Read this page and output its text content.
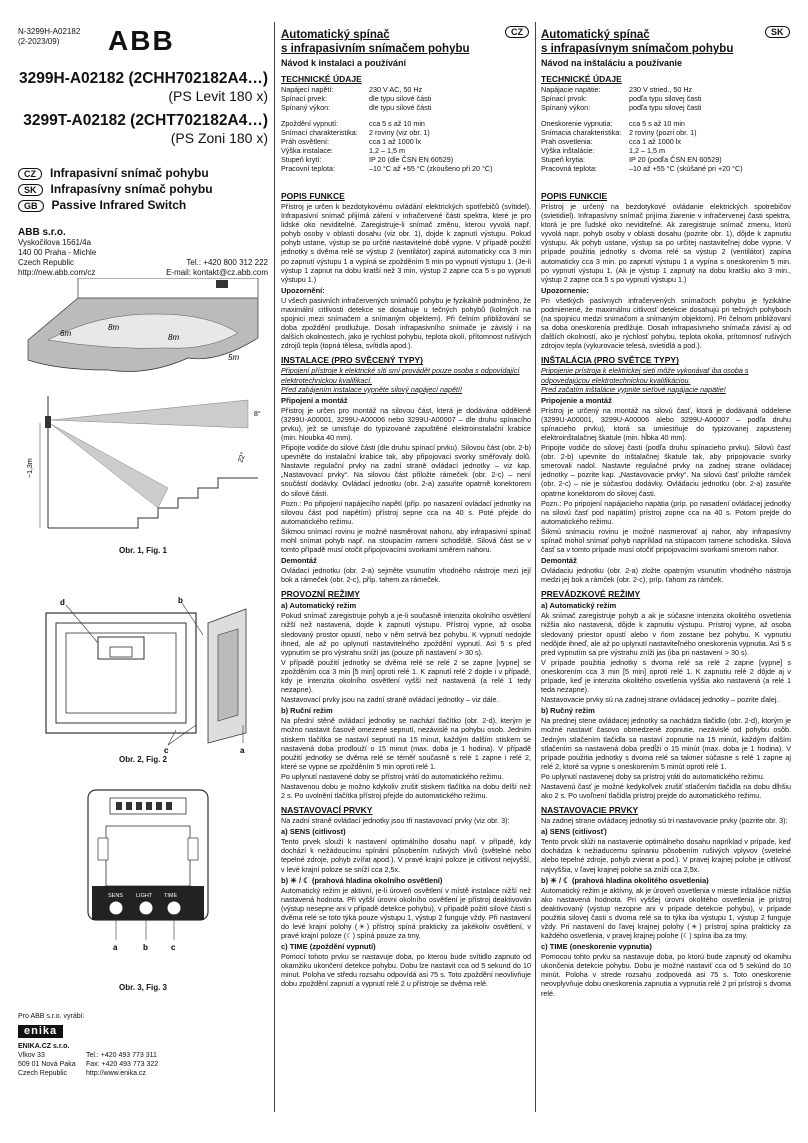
N-3299H-A02182
(2-2023/09)	ABB
3299H-A02182 (2CHH702182A4…)
(PS Levit 180 x)
3299T-A02182 (2CHT702182A4…)
(PS Zoni 180 x)
CZ Infrapasivní snímač pohybu
SK Infrapasívny snímač pohybu
GB Passive Infrared Switch
ABB s.r.o.
Vyskočilova 1561/4a
140 00 Praha - Michle
Czech Republic	Tel.: +420 800 312 222
http://new.abb.com/cz	E-mail: kontakt@cz.abb.com
6m
8m
8m
5m
~1,3m
8°
22°
Obr. 1, Fig. 1
d	b
a
c
Obr. 2, Fig. 2
SENS LIGHT TIME
a	b	c
Obr. 3, Fig. 3
Pro ABB s.r.o. vyrábí:
enika
ENIKA.CZ s.r.o.
Vlkov 33	Tel.: +420 493 773 311
509 01 Nová Paka	Fax: +420 493 773 322
Czech Republic	http://www.enika.cz
Automatický spínač
s infrapasivním snímačem pohybu
Návod k instalaci a používání
TECHNICKÉ ÚDAJE
Napájecí napětí:	230 V AC, 50 Hz
Spínací prvek:	dle typu silové části
Spínaný výkon:	dle typu silové části

Zpoždění vypnutí:	cca 5 s až 10 min
Snímací charakteristika:	2 roviny (viz obr. 1)
Práh osvětlení:	cca 1 až 1000 lx
Výška instalace:	1,2 – 1,5 m
Stupeň krytí:	IP 20 (dle ČSN EN 60529)
Pracovní teplota:	–10 °C až +55 °C (zkoušeno při 20 °C)
POPIS FUNKCE
Přístroj je určen k bezdotykovému ovládání elektrických spotřebičů (svítidel). Infrapasivní snímač přijímá záření v infračervené části spektra, které je pro lidské oko neviditelné. Zaregistruje-li snímač změnu, kterou vyvolá např. pohyb osoby v oblasti dosahu (viz obr. 1), dojde k zapnutí výstupu. Pokud pohyb ustane, výstup se po určité nastavitelné době vypne. V případě použití jednotky s dvěma relé se výstup 2 (ventilátor) zapíná automaticky cca 3 min po zapnutí výstupu 1 a vypíná se zpožděním 5 min po vypnutí výstupu 1. (Je-li výstup 1 zapnut na dobu kratší než 3 min, výstup 2 zapne cca 5 s po vypnutí výstupu 1.)
Upozornění:
U všech pasivních infračervených snímačů pohybu je fyzikálně podmíněno, že maximální citlivosti detekce se dosahuje u tečných pohybů (kolmých na spojnici mezi snímačem a snímaným objektem). Při čelním přibližování se doba zpoždění prodlužuje. Dosah infrapasivního snímače je závislý i na dalších okolnostech, jako je rychlost pohybu, teplota okolí, přítomnost rušivých zdrojů tepla (topná tělesa, svítidla apod.).
INSTALACE (PRO SVĚCENÝ TYPY)
Připojení přístroje k elektrické síti smí provádět pouze osoba s odpovídající elektrotechnickou kvalifikací.
Před zahájením instalace vypněte silový napájecí napětí!
Připojení a montáž
Přístroj je určen pro montáž na silovou část, která je dodávána odděleně (3299U-A00001, 3299U-A00006 nebo 3299U-A00007 – dle druhu spínacího prvku), jež se umisťuje do typizované zapuštěné elektroinstalační krabice (min. hloubka 40 mm).
Připojte vodiče do silové části (dle druhu spínací prvku). Silovou část (obr. 2-b) upevněte do instalační krabice tak, aby připojovací svorky směřovaly dolů. Nastavte regulační prvky na zadní straně ovládací jednotky – viz kap. „Nastavovací prvky“. Na silovou část přiložte rámeček (obr. 2-c) – není součástí dodávky. Ovládací jednotku (obr. 2-a) zasuňte opatrně konektorem do silové části.
Pozn.: Po připojení napájecího napětí (příp. po nasazení ovládací jednotky na silovou část pod napětím) přístroj sepne cca na 40 s. Poté přejde do automatického režimu.
Šikmou snímací rovinu je možné nasměrovat nahoru, aby infrapasivní spínač mohl snímat pohyb např. na stoupacím rameni schodiště. Silová část se v tomto případě musí otočit připojovacími svorkami směrem nahoru.
Demontáž
Ovládací jednotku (obr. 2-a) sejměte vsunutím vhodného nástroje mezi její bok a rámeček (obr. 2-c), příp. tahem za rámeček.
PROVOZNÍ REŽIMY
a) Automatický režim
Pokud snímač zaregistruje pohyb a je-li současně intenzita okolního osvětlení nižší než nastavená, dojde k zapnutí výstupu. Přístroj vypne, až osoba sledovaný prostor opustí, nebo v něm setrvá bez pohybu. K vypnutí nedojde ihned, ale až po uplynutí nastavitelného zpoždění vypnutí. Asi 5 s před vypnutím se pro výstrahu sníží jas (pouze při nastavení > 30 s).
V případě použití jednotky se dvěma relé se relé 2 se zapne [vypne] se zpožděním cca 3 min [5 min] oproti relé 1. K zapnutí relé 2 dojde i v případě, kdy je intenzita okolního osvětlení vyšší než nastavená (a relé 1 tedy nezapne).
Nastavovací prvky jsou na zadní straně ovládací jednotky – viz dále.
b) Ruční režim
Na přední stěně ovládací jednotky se nachází tlačítko (obr. 2-d), kterým je možno nastavit časově omezené sepnutí, nezávislé na pohybu osob. Jedním stiskem tlačítka se nastaví sepnutí na 15 minut, každým dalším stiskem se nastavená doba prodlouží o 15 minut (max. doba je 1 hodina). V případě použití jednotky se dvěma relé se téměř současně s relé 1 zapne i relé 2, které se vypne se zpožděním 5 min oproti relé 1.
Po uplynutí nastavené doby se přístroj vrátí do automatického režimu.
Nastavenou dobu je možno kdykoliv zrušit stiskem tlačítka na dobu delší než 2 s. Po uvolnění tlačítka přístroj přejde do automatického režimu.
NASTAVOVACÍ PRVKY
Na zadní straně ovládací jednotky jsou tři nastavovací prvky (viz obr. 3):
a) SENS (citlivost)
Tento prvek slouží k nastavení optimálního dosahu např. v případě, kdy dochází k nežádoucímu spínání působením rušivých vlivů (světelné nebo tepelné zdroje, pohyb zvířat apod.). V pravé krajní poloze je citlivost nejvyšší, v levé krajní poloze se sníží cca 2,5x.
b) ☀ / ☾ (prahová hladina okolního osvětlení)
Automatický režim je aktivní, je-li úroveň osvětlení v místě instalace nižší než nastavená hodnota. Při vyšší úrovni okolního osvětlení je přístroj deaktivován (výstup nesepne ani v případě detekce pohybu), v případě požití silové části s dvěma relé se toto týká pouze výstupu 1, výstup 2 funguje vždy. Při nastavení do levé krajní polohy (☀) přístroj spíná prakticky za jakékoliv osvětlení, v pravé krajní poloze (☾) spíná pouze za tmy.
c) TIME (zpoždění vypnutí)
Pomocí tohoto prvku se nastavuje doba, po kterou bude svítidlo zapnuto od okamžiku ukončení detekce pohybu. Dobu lze nastavit cca od 5 sekund do 10 minut. Poloha ve středu rozsahu odpovídá asi 75 s. Toto zpoždění neovlivňuje dobu zpoždění zapnutí a vypnutí relé 2 u přístroje se dvěma relé.
CZ	Automatický spínač
s infrapasívnym snímačom pohybu
Návod na inštaláciu a používanie
TECHNICKÉ ÚDAJE
Napájacie napätie:	230 V stried., 50 Hz
Spínací prvok:	podľa typu silovej časti
Spínaný výkon:	podľa typu silovej časti

Oneskorenie vypnutia:	cca 5 s až 10 min
Snímacia charakteristika:	2 roviny (pozri obr. 1)
Prah osvetlenia:	cca 1 až 1000 lx
Výška inštalácie:	1,2 – 1,5 m
Stupeň krytia:	IP 20 (podľa ČSN EN 60529)
Pracovná teplota:	–10 až +55 °C (skúšané pri +20 °C)
POPIS FUNKCIE
Prístroj je určený na bezdotykové ovládanie elektrických spotrebičov (svietidiel). Infrapasívny snímač prijíma žiarenie v infračervenej časti spektra, ktorá je pre ľudské oko neviditeľné. Ak zaregistruje snímač zmenu, ktorú vyvolá napr. pohyb osoby v oblasti dosahu (pozrite obr. 1), dôjde k zapnutiu výstupu. Ak pohyb ustane, výstup sa po určitej nastaviteľnej dobe vypne. V prípade použitia jednotky s dvoma relé sa výstup 2 (ventilátor) zapína automaticky cca 3 min. po zapnutí výstupu 1 a vypína s oneskorením 5 min. po vypnutí výstupu 1. (Ak je výstup 1 zapnutý na dobu kratšiu ako 3 min., výstup 2 zapne cca 5 s po vypnutí výstupu 1.)
Upozornenie:
Pri všetkých pasívnych infračervených snímačoch pohybu je fyzikálne podmienené, že maximálnu citlivosť detekcie dosahujú pri tečných pohyboch (na spojnicu medzi snímačom a snímaným objektom). Pri čelnom približovaní sa doba oneskorenia predlžuje. Dosah infrapasívneho snímača závisí aj od ďalších okolností, ako je rýchlosť pohybu, teplota okolia, prítomnosť rušivých zdrojov tepla (vykurovacie telesá, svietidlá a pod.).
INŠTALÁCIA (PRO SVĚTCE TYPY)
Pripojenie prístroja k elektrickej sieti môže vykonávať iba osoba s odpovedajúcou elektrotechnickou kvalifikáciou.
Pred začatím inštalácie vypnite sieťové napájacie napätie!
Pripojenie a montáž
Prístroj je určený na montáž na silovú časť, ktorá je dodávaná oddelene (3299U-A00001, 3299U-A00006 alebo 3299U-A00007 – podľa druhu spínacieho prvku), ktorá sa umiestňuje do typizovanej zapustenej elektroinštalačnej škatule (min. hĺbka 40 mm).
Pripojte vodiče do silovej časti (podľa druhu spínacieho prvku). Silovú časť (obr. 2-b) upevnite do inštalačnej škatule tak, aby pripojovacie svorky smerovali nadol. Nastavte regulačné prvky na zadnej strane ovládacej jednotky – pozrite kap. „Nastavovacie prvky“. Na silovú časť priložte rámček (obr. 2-c) – nie je súčasťou dodávky. Ovládaciu jednotku (obr. 2-a) zasuňte opatrne konektorom do silovej časti.
Pozn.: Po pripojení napájacieho napätia (príp. po nasadení ovládacej jednotky na silovú časť pod napätím) prístroj zopne cca na 40 s. Potom prejde do automatického režimu.
Šikmú snímaciu rovinu je možné nasmerovať aj nahor, aby infrapasívny spínač mohol snímať pohyb napríklad na stúpacom ramene schodiska. Silová časť sa v tomto prípade musí otočiť pripojovacími svorkami smerom nahor.
Demontáž
Ovládaciu jednotku (obr. 2-a) zložte opatrným vsunutím vhodného nástroja medzi jej bok a rámček (obr. 2-c), príp. ťahom za rámček.
PREVÁDZKOVÉ REŽIMY
a) Automatický režim
Ak snímač zaregistruje pohyb a ak je súčasne intenzita okolitého osvetlenia nižšia ako nastavená, dôjde k zapnutiu výstupu. Prístroj vypne, až osoba sledovaný priestor opustí alebo v ňom zostane bez pohybu. K vypnutiu nedôjde ihneď, ale až po uplynutí nastaviteľného oneskorenia vypnutia. Asi 5 s pred vypnutím sa pre výstrahu zníži jas (iba pri nastavení > 30 s).
V prípade použitia jednotky s dvoma relé sa relé 2 zapne [vypne] s oneskorením cca 3 min [5 min] oproti relé 1. K zapnutiu relé 2 dôjde aj v prípade, keď je intenzita okolitého osvetlenia vyššia ako nastavená (a relé 1 teda nezapne).
Nastavovacie prvky sú na zadnej strane ovládacej jednotky – pozrite ďalej.
b) Ručný režim
Na prednej stene ovládacej jednotky sa nachádza tlačidlo (obr. 2-d), ktorým je možné nastaviť časovo obmedzené zopnutie, nezávislé od pohybu osôb. Jedným stlačením tlačidla sa nastaví zopnutie na 15 minút, každým ďalším stlačením sa nastavená doba predĺži o 15 minút (max. doba je 1 hodina). V prípade použitia jednotky s dvoma relé sa takmer súčasne s relé 1 zapne aj relé 2, ktoré sa vypne s oneskorením 5 minút oproti relé 1.
Po uplynutí nastavenej doby sa prístroj vráti do automatického režimu.
Nastavenú časť je možné kedykoľvek zrušiť stlačením tlačidla na dobu dlhšiu ako 2 s. Po uvoľnení tlačidla prístroj prejde do automatického režimu.
NASTAVOVACIE PRVKY
Na zadnej strane ovládacej jednotky sú tri nastavovacie prvky (pozrite obr. 3):
a) SENS (citlivosť)
Tento prvok slúži na nastavenie optimálneho dosahu napríklad v prípade, keď dochádza k nežiaducemu spínaniu pôsobením rušivých vplyvov (svetelné alebo tepelné zdroje, pohyb zvierat a pod.). V pravej krajnej polohe je citlivosť najvyššia, v ľavej krajnej polohe sa zníži cca 2,5x.
b) ☀ / ☾ (prahová hladina okolitého osvetlenia)
Automatický režim je aktívny, ak je úroveň osvetlenia v mieste inštalácie nižšia ako nastavená hodnota. Pri vyššej úrovni okolitého osvetlenia je prístroj deaktivovaný (výstup nezopne ani v prípade detekcie pohybu), v prípade použitia silovej časti s dvoma relé sa to týka iba výstupu 1, výstup 2 funguje vždy. Pri nastavení do ľavej krajnej polohy (☀) prístroj spína prakticky za každého osvetlenia, v pravej krajnej polohe (☾) spína iba za tmy.
c) TIME (oneskorenie vypnutia)
Pomocou tohto prvku sa nastavuje doba, po ktorú bude zapnutý od okamihu ukončenia detekcie pohybu. Dobu je možné nastaviť cca od 5 sekúnd do 10 minút. Poloha v strede rozsahu zodpovedá asi 75 s. Toto oneskorenie neovplyvňuje dobu oneskorenia zapnutia a vypnutia relé 2 pri prístroji s dvoma relé.
SK
